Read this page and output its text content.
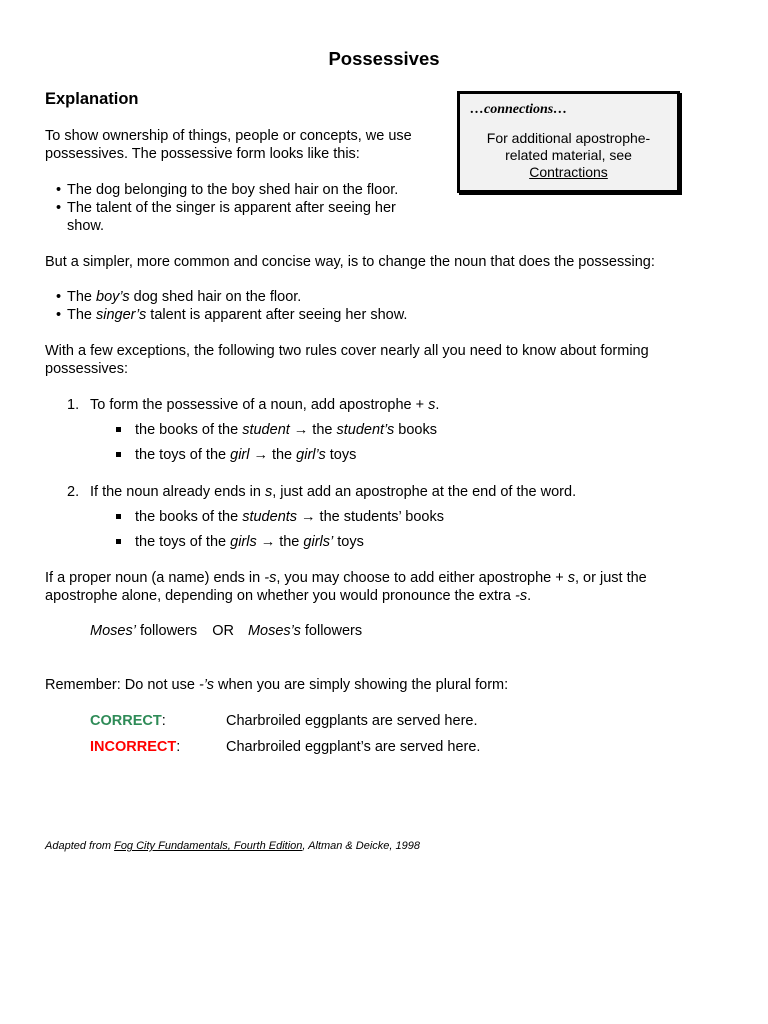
Possessives
Explanation
…connections…
For additional apostrophe-related material, see Contractions
To show ownership of things, people or concepts, we use possessives. The possessive form looks like this:
• The dog belonging to the boy shed hair on the floor.
• The talent of the singer is apparent after seeing her show.
But a simpler, more common and concise way, is to change the noun that does the possessing:
• The boy’s dog shed hair on the floor.
• The singer’s talent is apparent after seeing her show.
With a few exceptions, the following two rules cover nearly all you need to know about forming possessives:
1. To form the possessive of a noun, add apostrophe + s.
the books of the student → the student’s books
the toys of the girl → the girl’s toys
2. If the noun already ends in s, just add an apostrophe at the end of the word.
the books of the students → the students’ books
the toys of the girls → the girls’ toys
If a proper noun (a name) ends in -s, you may choose to add either apostrophe + s, or just the
apostrophe alone, depending on whether you would pronounce the extra -s.
Moses’ followers OR Moses’s followers
Remember: Do not use -’s when you are simply showing the plural form:
CORRECT:	Charbroiled eggplants are served here.
INCORRECT:	Charbroiled eggplant’s are served here.
Adapted from Fog City Fundamentals, Fourth Edition, Altman & Deicke, 1998
